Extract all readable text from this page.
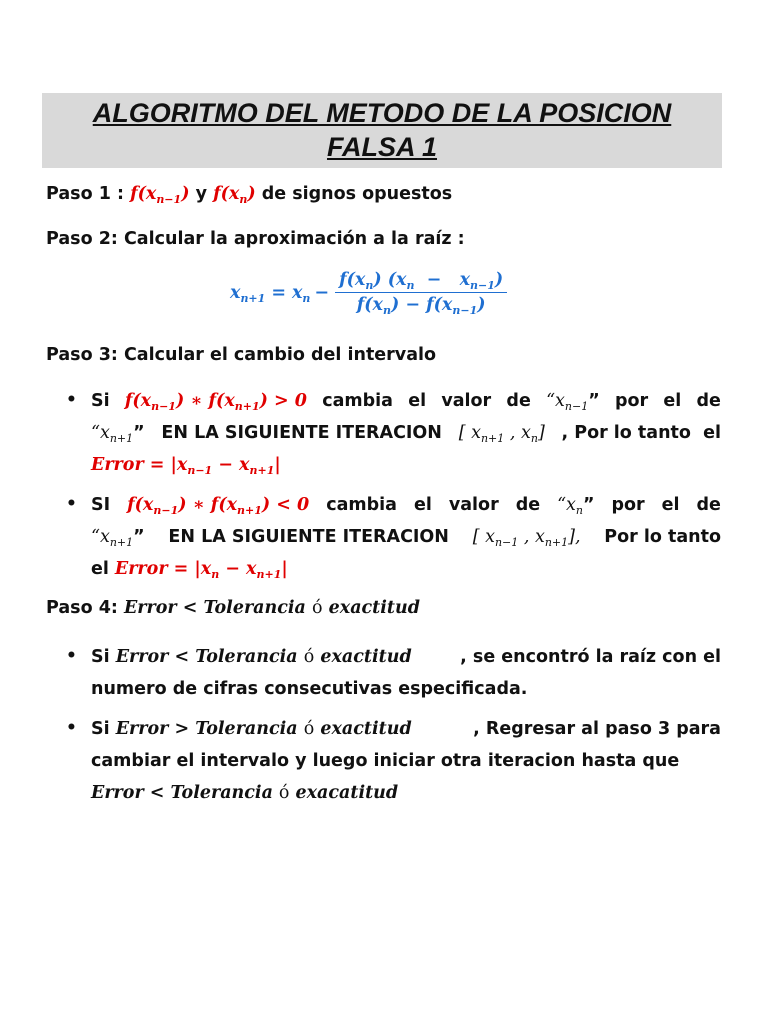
ALGORITMO DEL METODO DE LA POSICION
FALSA 1
Paso 1 : $f(x_{n-1})$ y $f(x_n)$ de signos opuestos
Paso 2: Calcular la aproximación a la raíz :
$x_{n+1} = x_n - \frac{f(x_n) (x_n - x_{n-1})}{f(x_n) - f(x_{n-1})}$
Paso 3: Calcular el cambio del intervalo
• Si $f(x_{n-1})$ ∗ $f(x_{n+1}) > 0$ cambia el valor de “$x_{n-1}$” por el de
“$x_{n+1}$” EN LA SIGUIENTE ITERACION [ $x_{n+1}$ , $x_n$] , Por lo tanto  el
Error = $|x_{n-1} - x_{n+1}|$
• SI $f(x_{n-1})$ ∗ $f(x_{n+1}) < 0$ cambia el valor de “$x_n$” por el de
“$x_{n+1}$” EN LA SIGUIENTE ITERACION [ $x_{n-1}$ , $x_{n+1}$], Por lo tanto
el Error = $|x_n - x_{n+1}|$
Paso 4: Error < Tolerancia ó exactitud
• Si Error < Tolerancia ó exactitud	, se encontró la raíz con el
numero de cifras consecutivas especificada.
• Si Error > Tolerancia ó exactitud	, Regresar al paso 3 para
cambiar el intervalo y luego iniciar otra iteracion hasta que
Error < Tolerancia ó exacatitud
